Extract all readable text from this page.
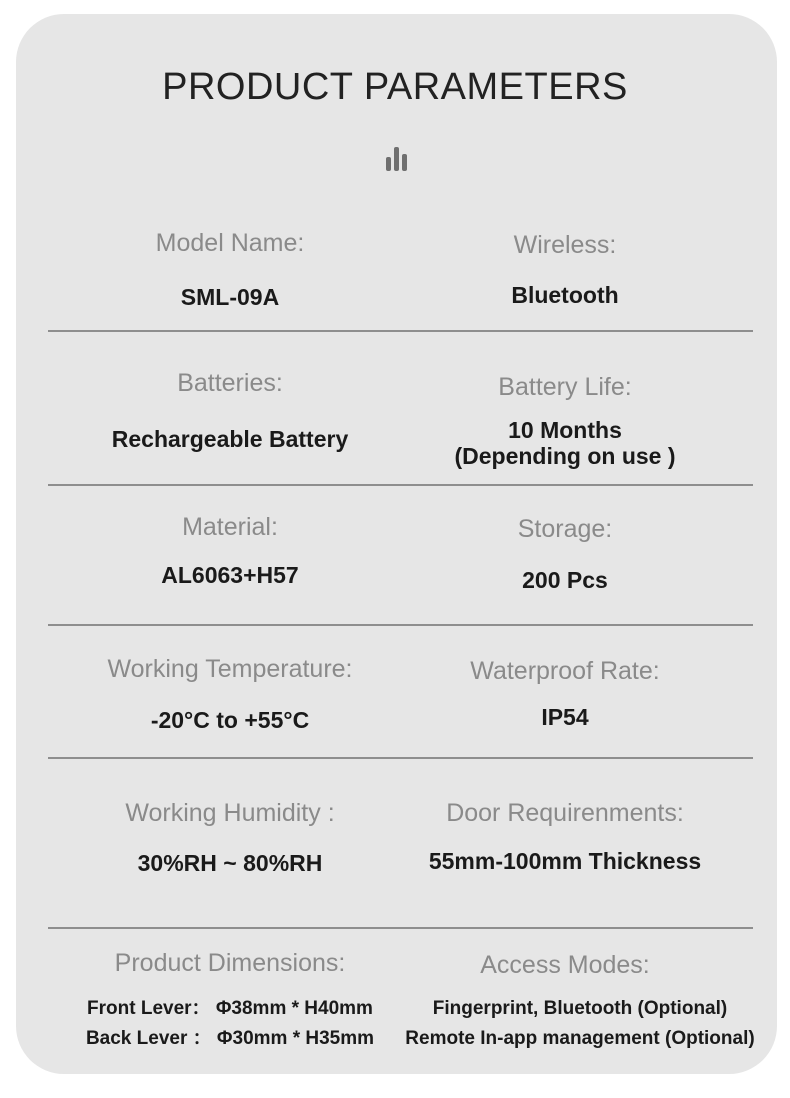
PRODUCT PARAMETERS
Model Name:
SML-09A
Wireless:
Bluetooth
Batteries:
Rechargeable Battery
Battery Life:
10 Months
(Depending on use )
Material:
AL6063+H57
Storage:
200 Pcs
Working Temperature:
-20°C to +55°C
Waterproof Rate:
IP54
Working Humidity :
30%RH ~ 80%RH
Door Requirenments:
55mm-100mm Thickness
Product Dimensions:
Front Lever： Φ38mm * H40mm
Back Lever ： Φ30mm * H35mm
Access Modes:
Fingerprint, Bluetooth (Optional)
Remote In-app management (Optional)
